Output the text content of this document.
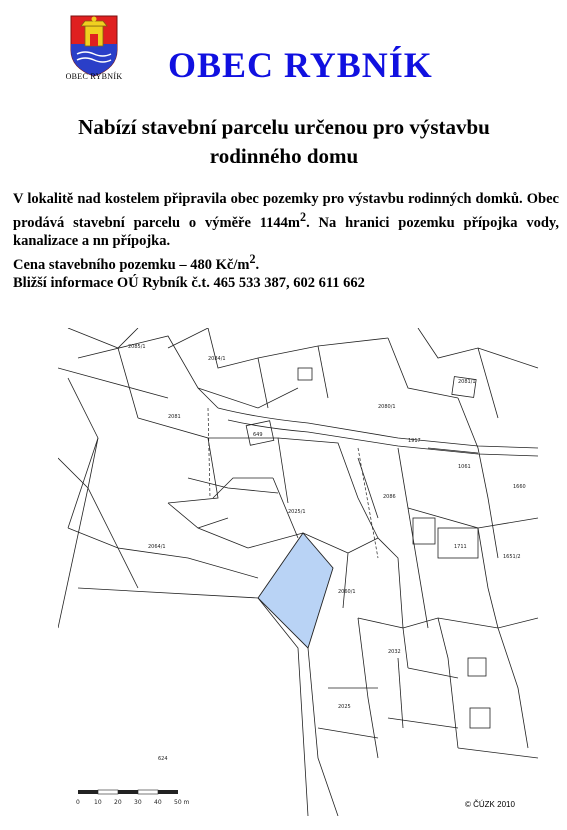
OBEC RYBNÍK	OBEC RYBNÍK
Nabízí stavební parcelu určenou pro výstavbu
rodinného domu
V lokalitě nad kostelem připravila obec pozemky pro výstavbu rodinných domků. Obec prodává stavební parcelu o výměře $1144m^2$. Na hranici pozemku přípojka vody, kanalizace a nn přípojka.
Cena stavebního pozemku – 480 $Kč/m^2$.
Bližší informace OÚ Rybník č.t. 465 533 387, 602 611 662
2085/1
2084/1
2081
2080/1
2081/1
2064/1
649
1917
1061
1660
1711
2025/1
2060/1
1651/2
2032
2025
2086
624
0 10 20 30 40 50 m	© ČÚZK 2010
